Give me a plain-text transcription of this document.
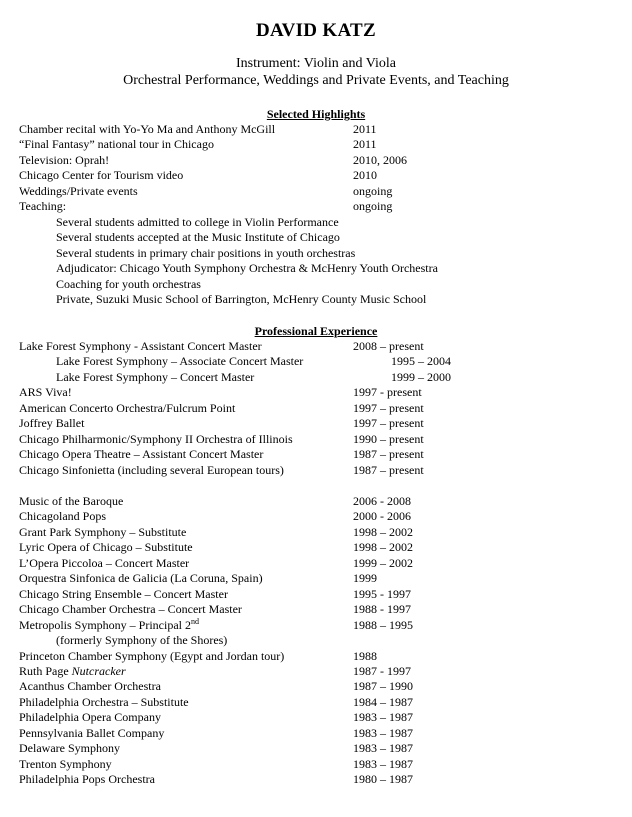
DAVID KATZ
Instrument: Violin and Viola
Orchestral Performance, Weddings and Private Events, and Teaching
Selected Highlights
Chamber recital with Yo-Yo Ma and Anthony McGill	2011
“Final Fantasy” national tour in Chicago	2011
Television: Oprah!	2010, 2006
Chicago Center for Tourism video	2010
Weddings/Private events	ongoing
Teaching:	ongoing
Several students admitted to college in Violin Performance
Several students accepted at the Music Institute of Chicago
Several students in primary chair positions in youth orchestras
Adjudicator: Chicago Youth Symphony Orchestra & McHenry Youth Orchestra
Coaching for youth orchestras
Private, Suzuki Music School of Barrington, McHenry County Music School
Professional Experience
Lake Forest Symphony - Assistant Concert Master	2008 – present
Lake Forest Symphony – Associate Concert Master	1995 – 2004
Lake Forest Symphony – Concert Master	1999 – 2000
ARS Viva!	1997 - present
American Concerto Orchestra/Fulcrum Point	1997 – present
Joffrey Ballet	1997 – present
Chicago Philharmonic/Symphony II Orchestra of Illinois	1990 – present
Chicago Opera Theatre – Assistant Concert Master	1987 – present
Chicago Sinfonietta (including several European tours)	1987 – present
Music of the Baroque	2006 - 2008
Chicagoland Pops	2000 - 2006
Grant Park Symphony – Substitute	1998 – 2002
Lyric Opera of Chicago – Substitute	1998 – 2002
L’Opera Piccoloa – Concert Master	1999 – 2002
Orquestra Sinfonica de Galicia (La Coruna, Spain)	1999
Chicago String Ensemble – Concert Master	1995 - 1997
Chicago Chamber Orchestra – Concert Master	1988 - 1997
Metropolis Symphony – Principal 2nd	1988 – 1995
(formerly Symphony of the Shores)
Princeton Chamber Symphony (Egypt and Jordan tour)	1988
Ruth Page Nutcracker	1987 - 1997
Acanthus Chamber Orchestra	1987 – 1990
Philadelphia Orchestra – Substitute	1984 – 1987
Philadelphia Opera Company	1983 – 1987
Pennsylvania Ballet Company	1983 – 1987
Delaware Symphony	1983 – 1987
Trenton Symphony	1983 – 1987
Philadelphia Pops Orchestra	1980 – 1987
